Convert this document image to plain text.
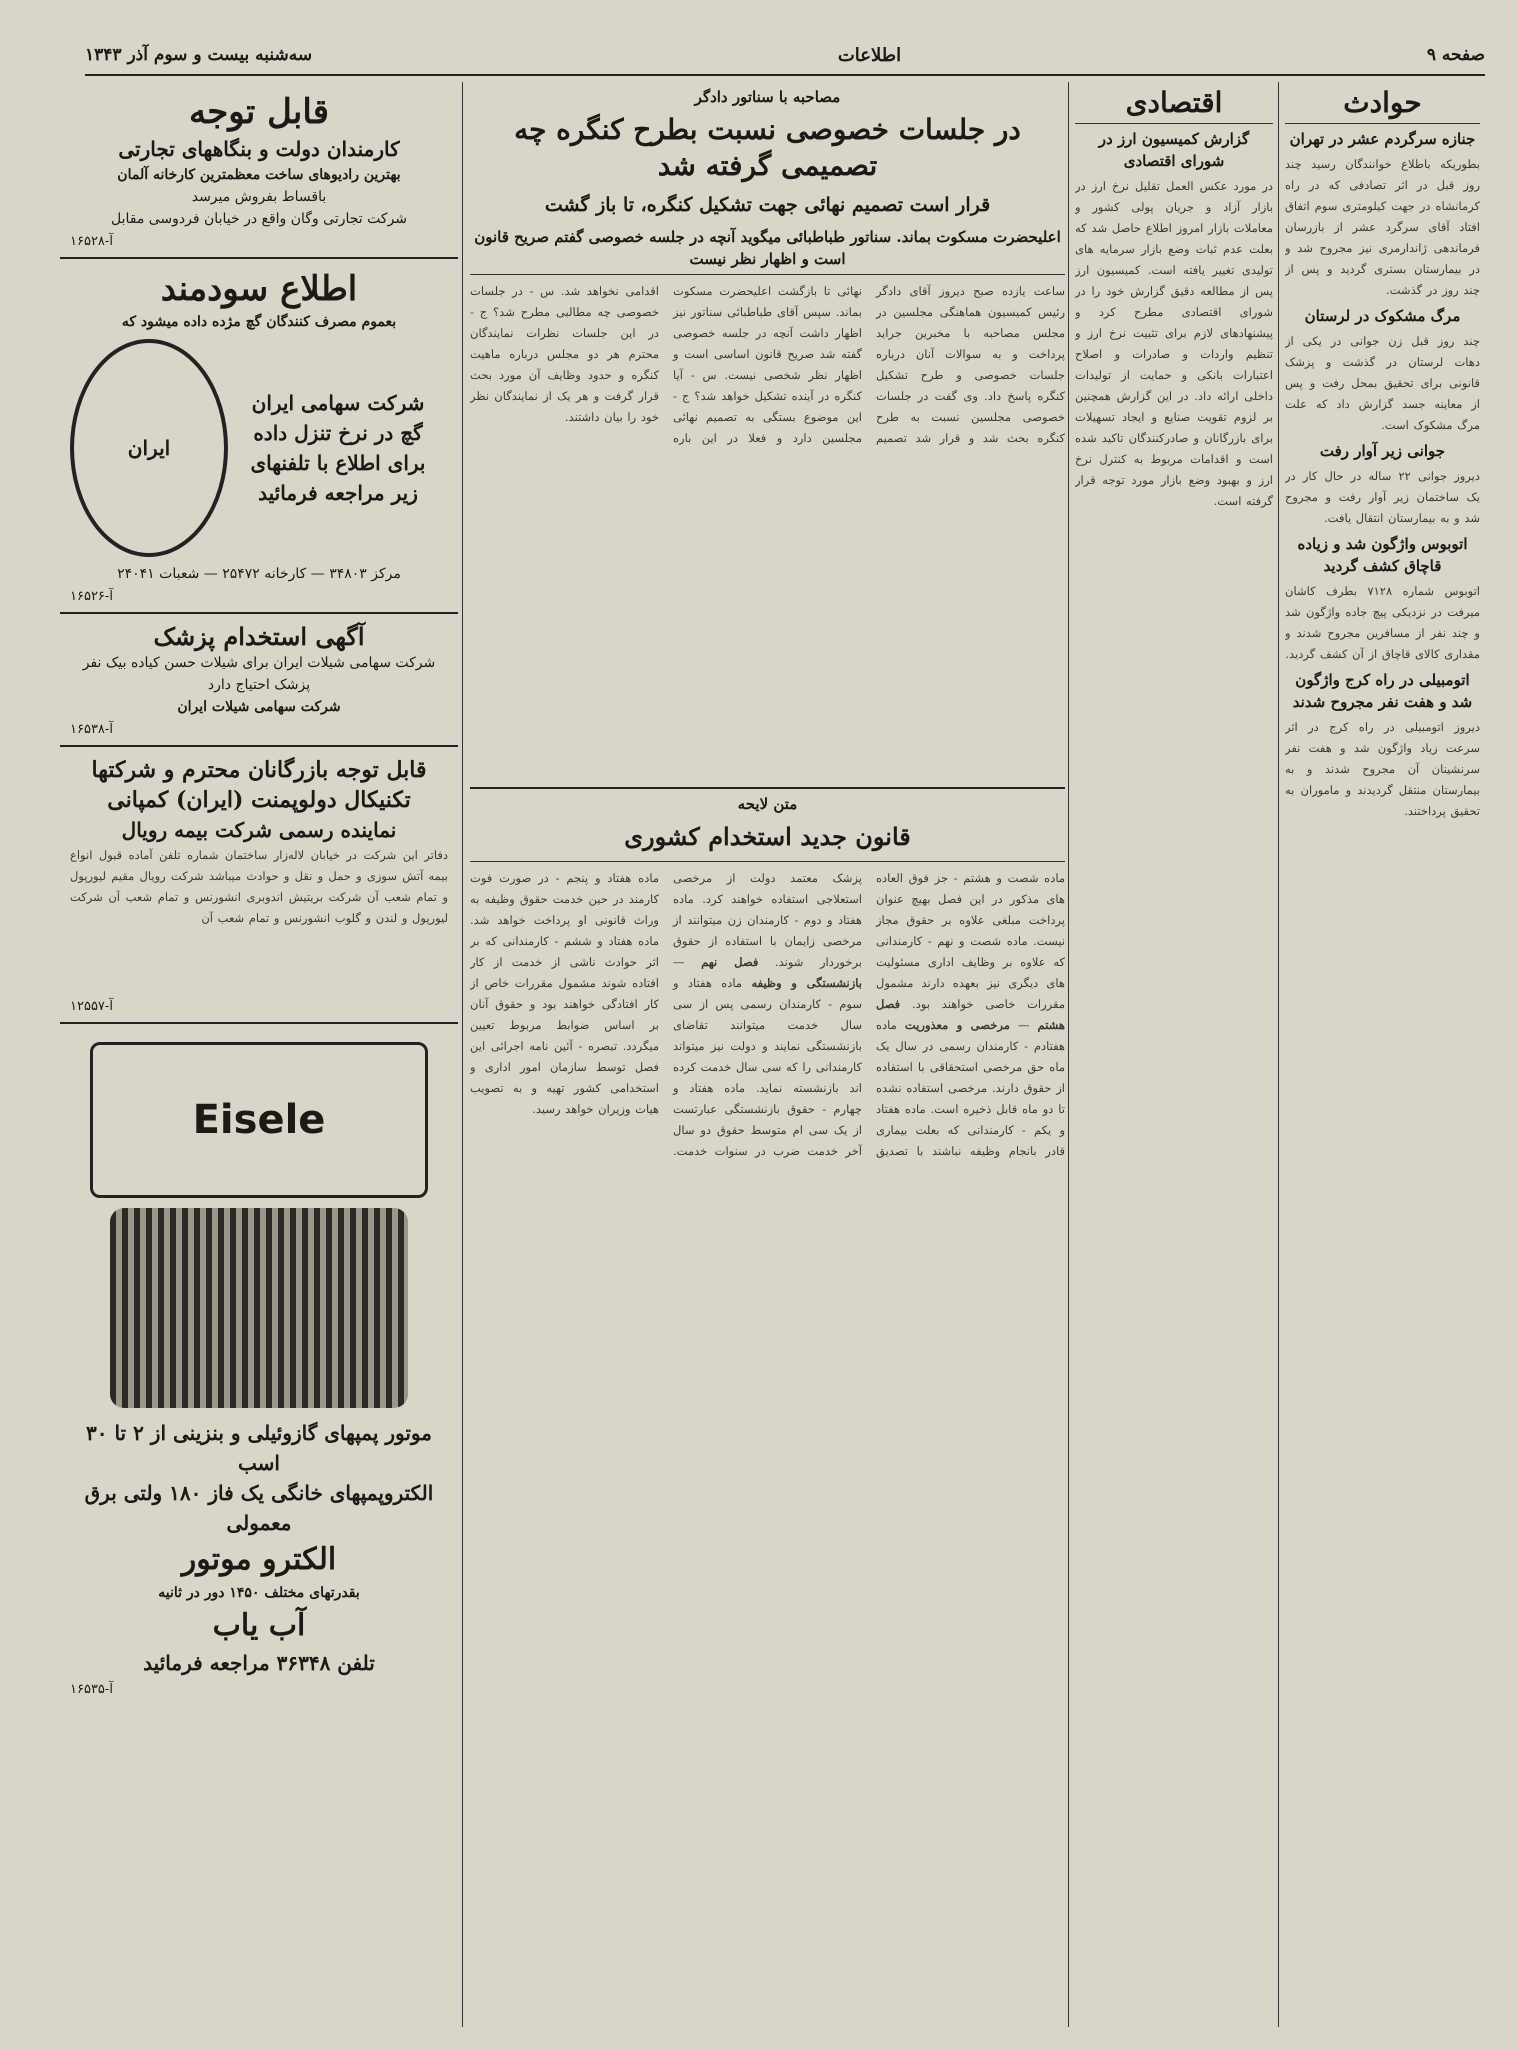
صفحه ۹
اطلاعات
سه‌شنبه بیست و سوم آذر ۱۳۴۳
حوادث
جنازه سرگردم عشر در تهران
بطوریکه باطلاع خوانندگان رسید چند روز قبل در اثر تصادفی که در راه کرمانشاه در جهت کیلومتری سوم اتفاق افتاد آقای سرگرد عشر از بازرسان فرماندهی ژاندارمری نیز مجروح شد و در بیمارستان بستری گردید و پس از چند روز در گذشت.
مرگ مشکوک در لرستان
چند روز قبل زن جوانی در یکی از دهات لرستان در گذشت و پزشک قانونی برای تحقیق بمحل رفت و پس از معاینه جسد گزارش داد که علت مرگ مشکوک است.
جوانی زیر آوار رفت
دیروز جوانی ۲۲ ساله در حال کار در یک ساختمان زیر آوار رفت و مجروح شد و به بیمارستان انتقال یافت.
اتوبوس واژگون شد و زیاده قاچاق کشف گردید
اتوبوس شماره ۷۱۲۸ بطرف کاشان میرفت در نزدیکی پیچ جاده واژگون شد و چند نفر از مسافرین مجروح شدند و مقداری کالای قاچاق از آن کشف گردید.
اتومبیلی در راه کرج واژگون شد و هفت نفر مجروح شدند
دیروز اتومبیلی در راه کرج در اثر سرعت زیاد واژگون شد و هفت نفر سرنشینان آن مجروح شدند و به بیمارستان منتقل گردیدند و ماموران به تحقیق پرداختند.
اقتصادی
گزارش کمیسیون ارز در شورای اقتصادی
در مورد عکس العمل تقلیل نرخ ارز در بازار آزاد و جریان پولی کشور و معاملات بازار امروز اطلاع حاصل شد که بعلت عدم ثبات وضع بازار سرمایه های تولیدی تغییر یافته است. کمیسیون ارز پس از مطالعه دقیق گزارش خود را در شورای اقتصادی مطرح کرد و پیشنهادهای لازم برای تثبیت نرخ ارز و تنظیم واردات و صادرات و اصلاح اعتبارات بانکی و حمایت از تولیدات داخلی ارائه داد. در این گزارش همچنین بر لزوم تقویت صنایع و ایجاد تسهیلات برای بازرگانان و صادرکنندگان تاکید شده است و اقدامات مربوط به کنترل نرخ ارز و بهبود وضع بازار مورد توجه قرار گرفته است.
مصاحبه با سناتور دادگر
در جلسات خصوصی نسبت بطرح کنگره چه تصمیمی گرفته شد
قرار است تصمیم نهائی جهت تشکیل کنگره، تا باز گشت
اعلیحضرت مسکوت بماند. سناتور طباطبائی میگوید آنچه در جلسه خصوصی گفتم صریح قانون است و اظهار نظر نیست
ساعت یازده صبح دیروز آقای دادگر رئیس کمیسیون هماهنگی مجلسین در مجلس مصاحبه با مخبرین جراید پرداخت و به سوالات آنان درباره جلسات خصوصی و طرح تشکیل کنگره پاسخ داد. وی گفت در جلسات خصوصی مجلسین نسبت به طرح کنگره بحث شد و قرار شد تصمیم نهائی تا بازگشت اعلیحضرت مسکوت بماند. سپس آقای طباطبائی سناتور نیز اظهار داشت آنچه در جلسه خصوصی گفته شد صریح قانون اساسی است و اظهار نظر شخصی نیست. س - آیا کنگره در آینده تشکیل خواهد شد؟ ج - این موضوع بستگی به تصمیم نهائی مجلسین دارد و فعلا در این باره اقدامی نخواهد شد. س - در جلسات خصوصی چه مطالبی مطرح شد؟ ج - در این جلسات نظرات نمایندگان محترم هر دو مجلس درباره ماهیت کنگره و حدود وظایف آن مورد بحث قرار گرفت و هر یک از نمایندگان نظر خود را بیان داشتند.
متن لایحه
قانون جدید استخدام کشوری
ماده شصت و هشتم - جز فوق العاده های مذکور در این فصل بهیچ عنوان پرداخت مبلغی علاوه بر حقوق مجاز نیست. ماده شصت و نهم - کارمندانی که علاوه بر وظایف اداری مسئولیت های دیگری نیز بعهده دارند مشمول مقررات خاصی خواهند بود. فصل هشتم — مرخصی و معذوریت ماده هفتادم - کارمندان رسمی در سال یک ماه حق مرخصی استحقاقی با استفاده از حقوق دارند. مرخصی استفاده نشده تا دو ماه قابل ذخیره است. ماده هفتاد و یکم - کارمندانی که بعلت بیماری قادر بانجام وظیفه نباشند با تصدیق پزشک معتمد دولت از مرخصی استعلاجی استفاده خواهند کرد. ماده هفتاد و دوم - کارمندان زن میتوانند از مرخصی زایمان با استفاده از حقوق برخوردار شوند. فصل نهم — بازنشستگی و وظیفه ماده هفتاد و سوم - کارمندان رسمی پس از سی سال خدمت میتوانند تقاضای بازنشستگی نمایند و دولت نیز میتواند کارمندانی را که سی سال خدمت کرده اند بازنشسته نماید. ماده هفتاد و چهارم - حقوق بازنشستگی عبارتست از یک سی ام متوسط حقوق دو سال آخر خدمت ضرب در سنوات خدمت. ماده هفتاد و پنجم - در صورت فوت کارمند در حین خدمت حقوق وظیفه به وراث قانونی او پرداخت خواهد شد. ماده هفتاد و ششم - کارمندانی که بر اثر حوادث ناشی از خدمت از کار افتاده شوند مشمول مقررات خاص از کار افتادگی خواهند بود و حقوق آنان بر اساس ضوابط مربوط تعیین میگردد. تبصره - آئین نامه اجرائی این فصل توسط سازمان امور اداری و استخدامی کشور تهیه و به تصویب هیات وزیران خواهد رسید.
قابل توجه
کارمندان دولت و بنگاههای تجارتی
بهترین رادیوهای ساخت معظمترین کارخانه آلمان
باقساط بفروش میرسد
شرکت تجارتی وگان واقع در خیابان فردوسی مقابل
آ-۱۶۵۲۸
اطلاع سودمند
بعموم مصرف کنندگان گچ مژده داده میشود که
شرکت سهامی ایران
گچ در نرخ تنزل داده
برای اطلاع با تلفنهای
زیر مراجعه فرمائید
ایران
مرکز ۳۴۸۰۳ — کارخانه ۲۵۴۷۲ — شعبات ۲۴۰۴۱
آ-۱۶۵۲۶
آگهی استخدام پزشک
شرکت سهامی شیلات ایران برای شیلات حسن کیاده بیک نفر پزشک احتیاج دارد
شرکت سهامی شیلات ایران
آ-۱۶۵۳۸
قابل توجه بازرگانان محترم و شرکتها
تکنیکال دولوپمنت (ایران) کمپانی
نماینده رسمی شرکت بیمه رویال
دفاتر این شرکت در خیابان لاله‌زار ساختمان شماره تلفن آماده قبول انواع بیمه آتش سوزی و حمل و نقل و حوادث میباشد شرکت رویال مقیم لیورپول و تمام شعب آن شرکت بریتیش اندوبری انشورنس و تمام شعب آن شرکت لیورپول و لندن و گلوب انشورنس و تمام شعب آن
آ-۱۲۵۵۷
Eisele
موتور پمپهای گازوئیلی و بنزینی از ۲ تا ۳۰ اسب
الکتروپمپهای خانگی یک فاز ۱۸۰ ولتی برق معمولی
الکترو موتور
بقدرتهای مختلف ۱۴۵۰ دور در ثانیه
آب یاب
تلفن ۳۶۳۴۸ مراجعه فرمائید
آ-۱۶۵۳۵
